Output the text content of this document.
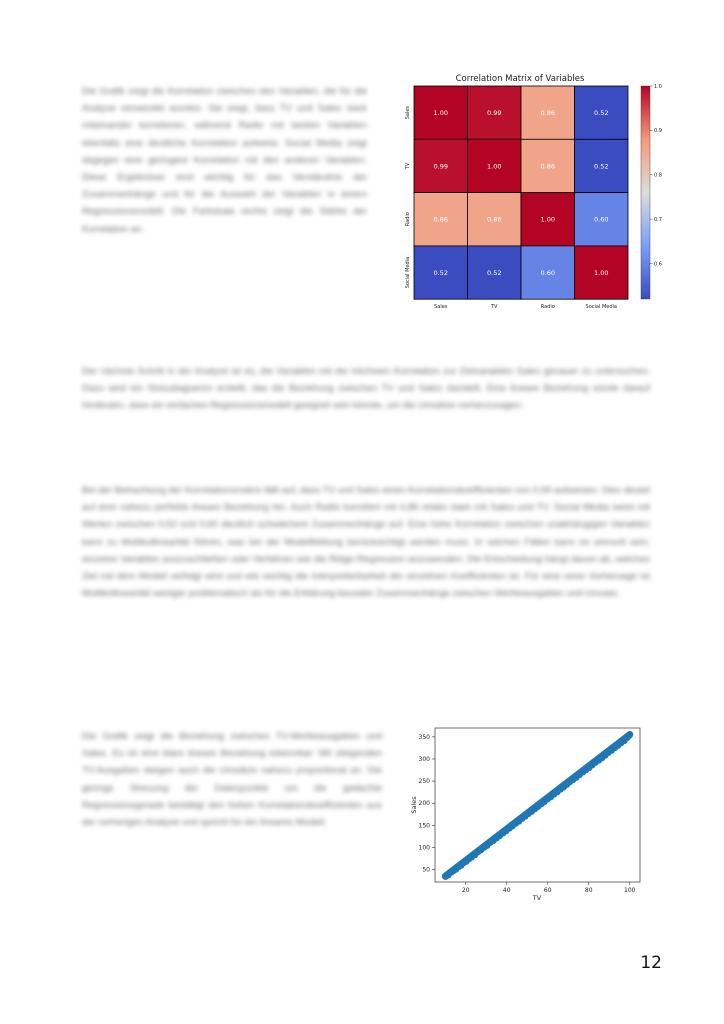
Die Grafik zeigt die Korrelation zwischen den Variablen, die für die Analyse verwendet wurden. Sie zeigt, dass TV und Sales stark miteinander korrelieren, während Radio mit beiden Variablen ebenfalls eine deutliche Korrelation aufweist. Social Media zeigt dagegen eine geringere Korrelation mit den anderen Variablen. Diese Ergebnisse sind wichtig für das Verständnis der Zusammenhänge und für die Auswahl der Variablen in einem Regressionsmodell. Die Farbskala rechts zeigt die Stärke der Korrelation an.
Correlation Matrix of Variables
1.00	0.99	0.86	0.52
0.99	1.00	0.86	0.52
0.86	0.86	1.00	0.60
0.52	0.52	0.60	1.00
Sales
TV
Radio
Social Media
Sales	TV	Radio	Social Media
1.0
0.9
0.8
0.7
0.6
Der nächste Schritt in der Analyse ist es, die Variablen mit der höchsten Korrelation zur Zielvariablen Sales genauer zu untersuchen. Dazu wird ein Streudiagramm erstellt, das die Beziehung zwischen TV und Sales darstellt. Eine lineare Beziehung würde darauf hindeuten, dass ein einfaches Regressionsmodell geeignet sein könnte, um die Umsätze vorherzusagen.
Bei der Betrachtung der Korrelationsmatrix fällt auf, dass TV und Sales einen Korrelationskoeffizienten von 0,99 aufweisen. Dies deutet auf eine nahezu perfekte lineare Beziehung hin. Auch Radio korreliert mit 0,86 relativ stark mit Sales und TV. Social Media weist mit Werten zwischen 0,52 und 0,60 deutlich schwächere Zusammenhänge auf. Eine hohe Korrelation zwischen unabhängigen Variablen kann zu Multikollinearität führen, was bei der Modellbildung berücksichtigt werden muss. In solchen Fällen kann es sinnvoll sein, einzelne Variablen auszuschließen oder Verfahren wie die Ridge-Regression anzuwenden. Die Entscheidung hängt davon ab, welches Ziel mit dem Modell verfolgt wird und wie wichtig die Interpretierbarkeit der einzelnen Koeffizienten ist. Für eine reine Vorhersage ist Multikollinearität weniger problematisch als für die Erklärung kausaler Zusammenhänge zwischen Werbeausgaben und Umsatz.
Die Grafik zeigt die Beziehung zwischen TV-Werbeausgaben und Sales. Es ist eine klare lineare Beziehung erkennbar: Mit steigenden TV-Ausgaben steigen auch die Umsätze nahezu proportional an. Die geringe Streuung der Datenpunkte um die gedachte Regressionsgerade bestätigt den hohen Korrelationskoeffizienten aus der vorherigen Analyse und spricht für ein lineares Modell.
20	40	60	80	100
50
100
150
200
250
300
350
TV
Sales
12
